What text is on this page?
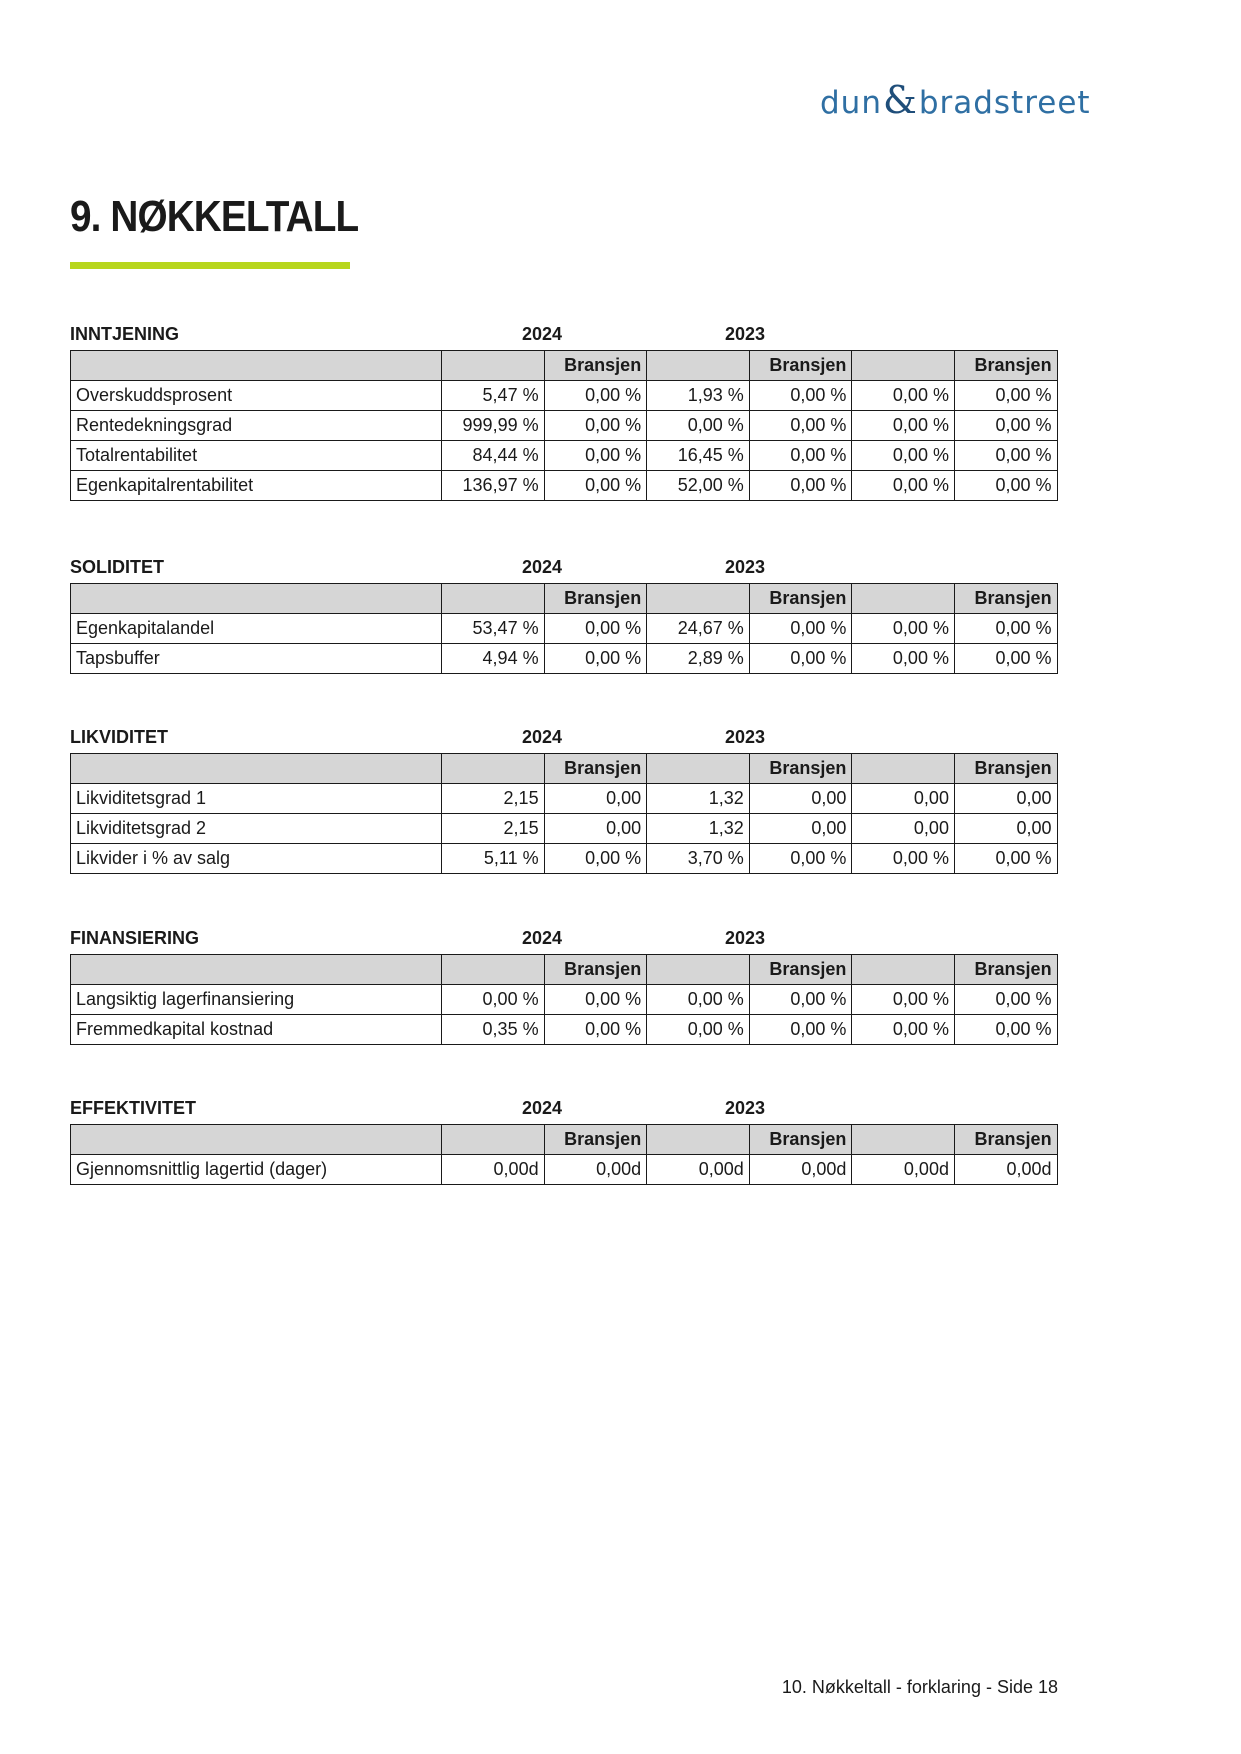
dun&bradstreet
9. NØKKELTALL
INNTJENING	2024	2023
		Bransjen		Bransjen		Bransjen
Overskuddsprosent	5,47 %	0,00 %	1,93 %	0,00 %	0,00 %	0,00 %
Rentedekningsgrad	999,99 %	0,00 %	0,00 %	0,00 %	0,00 %	0,00 %
Totalrentabilitet	84,44 %	0,00 %	16,45 %	0,00 %	0,00 %	0,00 %
Egenkapitalrentabilitet	136,97 %	0,00 %	52,00 %	0,00 %	0,00 %	0,00 %
SOLIDITET	2024	2023
		Bransjen		Bransjen		Bransjen
Egenkapitalandel	53,47 %	0,00 %	24,67 %	0,00 %	0,00 %	0,00 %
Tapsbuffer	4,94 %	0,00 %	2,89 %	0,00 %	0,00 %	0,00 %
LIKVIDITET	2024	2023
		Bransjen		Bransjen		Bransjen
Likviditetsgrad 1	2,15	0,00	1,32	0,00	0,00	0,00
Likviditetsgrad 2	2,15	0,00	1,32	0,00	0,00	0,00
Likvider i % av salg	5,11 %	0,00 %	3,70 %	0,00 %	0,00 %	0,00 %
FINANSIERING	2024	2023
		Bransjen		Bransjen		Bransjen
Langsiktig lagerfinansiering	0,00 %	0,00 %	0,00 %	0,00 %	0,00 %	0,00 %
Fremmedkapital kostnad	0,35 %	0,00 %	0,00 %	0,00 %	0,00 %	0,00 %
EFFEKTIVITET	2024	2023
		Bransjen		Bransjen		Bransjen
Gjennomsnittlig lagertid (dager)	0,00d	0,00d	0,00d	0,00d	0,00d	0,00d
10. Nøkkeltall - forklaring - Side 18
